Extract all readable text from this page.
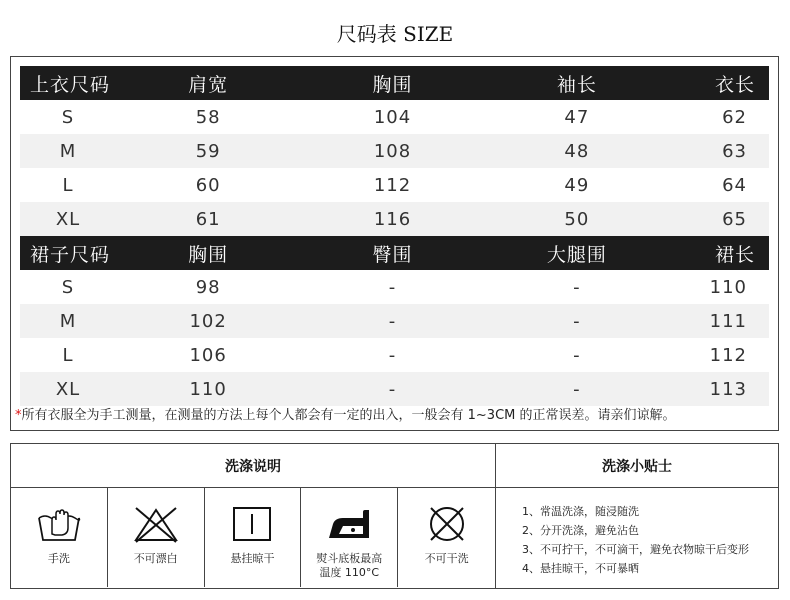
尺码表 SIZE
上衣尺码	肩宽	胸围	袖长	衣长
S	58	104	47	62
M	59	108	48	63
L	60	112	49	64
XL	61	116	50	65
裙子尺码	胸围	臀围	大腿围	裙长
S	98	-	-	110
M	102	-	-	111
L	106	-	-	112
XL	110	-	-	113
*所有衣服全为手工测量，在测量的方法上每个人都会有一定的出入，一般会有 1~3CM 的正常误差。请亲们谅解。
洗涤说明
手洗	不可漂白	悬挂晾干	熨斗底板最高
温度 110°C
不可干洗
洗涤小贴士
1、常温洗涤，随浸随洗
2、分开洗涤，避免沾色
3、不可拧干，不可滴干，避免衣物晾干后变形
4、悬挂晾干，不可暴晒
